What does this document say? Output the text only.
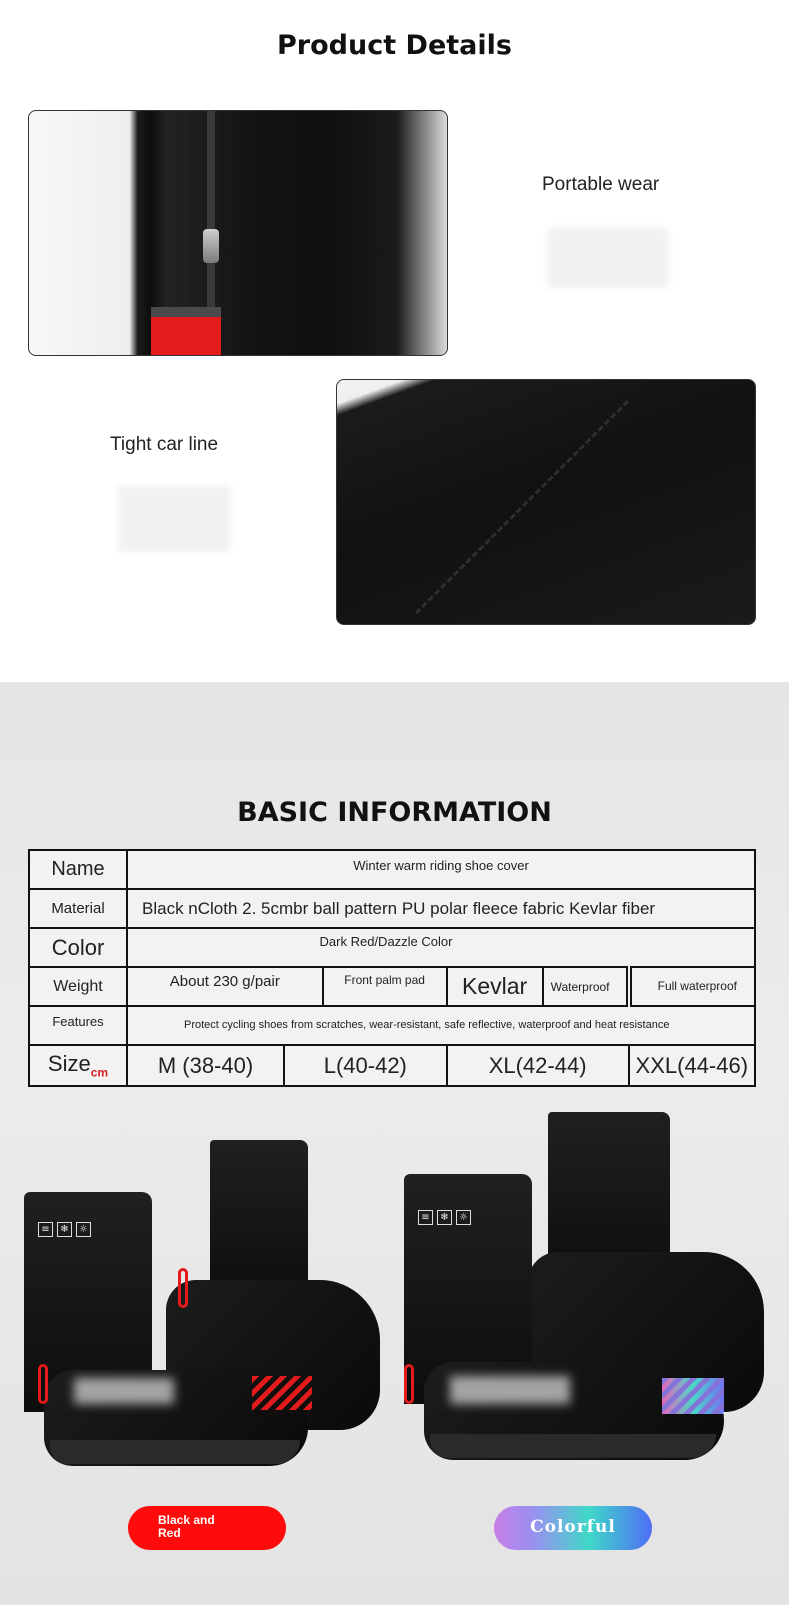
Product Details
Portable wear
Tight car line
BASIC INFORMATION
Name	Winter warm riding shoe cover					
Material	Black nCloth 2. 5cmbr ball pattern PU polar fleece fabric Kevlar fiber					
Color	Dark Red/Dazzle Color					
Weight	About 230 g/pair		Front palm pad	Kevlar	Waterproof	Full waterproof
Features	Protect cycling shoes from scratches, wear-resistant, safe reflective, waterproof and heat resistance					
Size$_{cm}$	M (38-40)	L(40-42)		XL(42-44)		XXL(44-46)
≡	❄	☼
≡	❄	☼
Black and Red	Colorful
